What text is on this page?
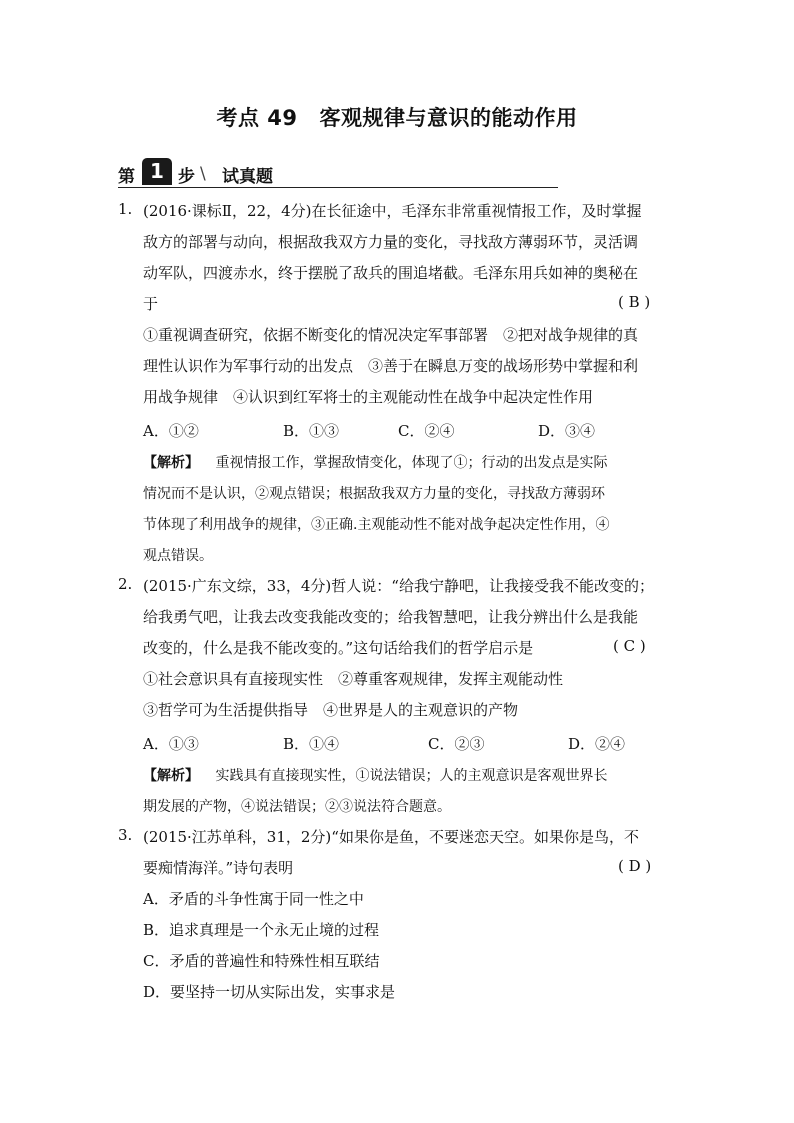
考点 49 客观规律与意识的能动作用
第 1 步 \ 试真题
1. (2016·课标Ⅱ，22，4分)在长征途中，毛泽东非常重视情报工作，及时掌握
敌方的部署与动向，根据敌我双方力量的变化，寻找敌方薄弱环节，灵活调
动军队，四渡赤水，终于摆脱了敌兵的围追堵截。毛泽东用兵如神的奥秘在
于	( B )
①重视调查研究，依据不断变化的情况决定军事部署　②把对战争规律的真
理性认识作为军事行动的出发点　③善于在瞬息万变的战场形势中掌握和利
用战争规律　④认识到红军将士的主观能动性在战争中起决定性作用
A．①②	B．①③	C．②④	D．③④
【解析】 重视情报工作，掌握敌情变化，体现了①；行动的出发点是实际
情况而不是认识，②观点错误；根据敌我双方力量的变化，寻找敌方薄弱环
节体现了利用战争的规律，③正确.主观能动性不能对战争起决定性作用，④
观点错误。
2. (2015·广东文综，33，4分)哲人说：“给我宁静吧，让我接受我不能改变的；
给我勇气吧，让我去改变我能改变的；给我智慧吧，让我分辨出什么是我能
改变的，什么是我不能改变的。”这句话给我们的哲学启示是	( C )
①社会意识具有直接现实性　②尊重客观规律，发挥主观能动性
③哲学可为生活提供指导　④世界是人的主观意识的产物
A．①③	B．①④	C．②③	D．②④
【解析】 实践具有直接现实性，①说法错误；人的主观意识是客观世界长
期发展的产物，④说法错误；②③说法符合题意。
3. (2015·江苏单科，31，2分)“如果你是鱼，不要迷恋天空。如果你是鸟，不
要痴情海洋。”诗句表明	( D )
A．矛盾的斗争性寓于同一性之中
B．追求真理是一个永无止境的过程
C．矛盾的普遍性和特殊性相互联结
D．要坚持一切从实际出发，实事求是
